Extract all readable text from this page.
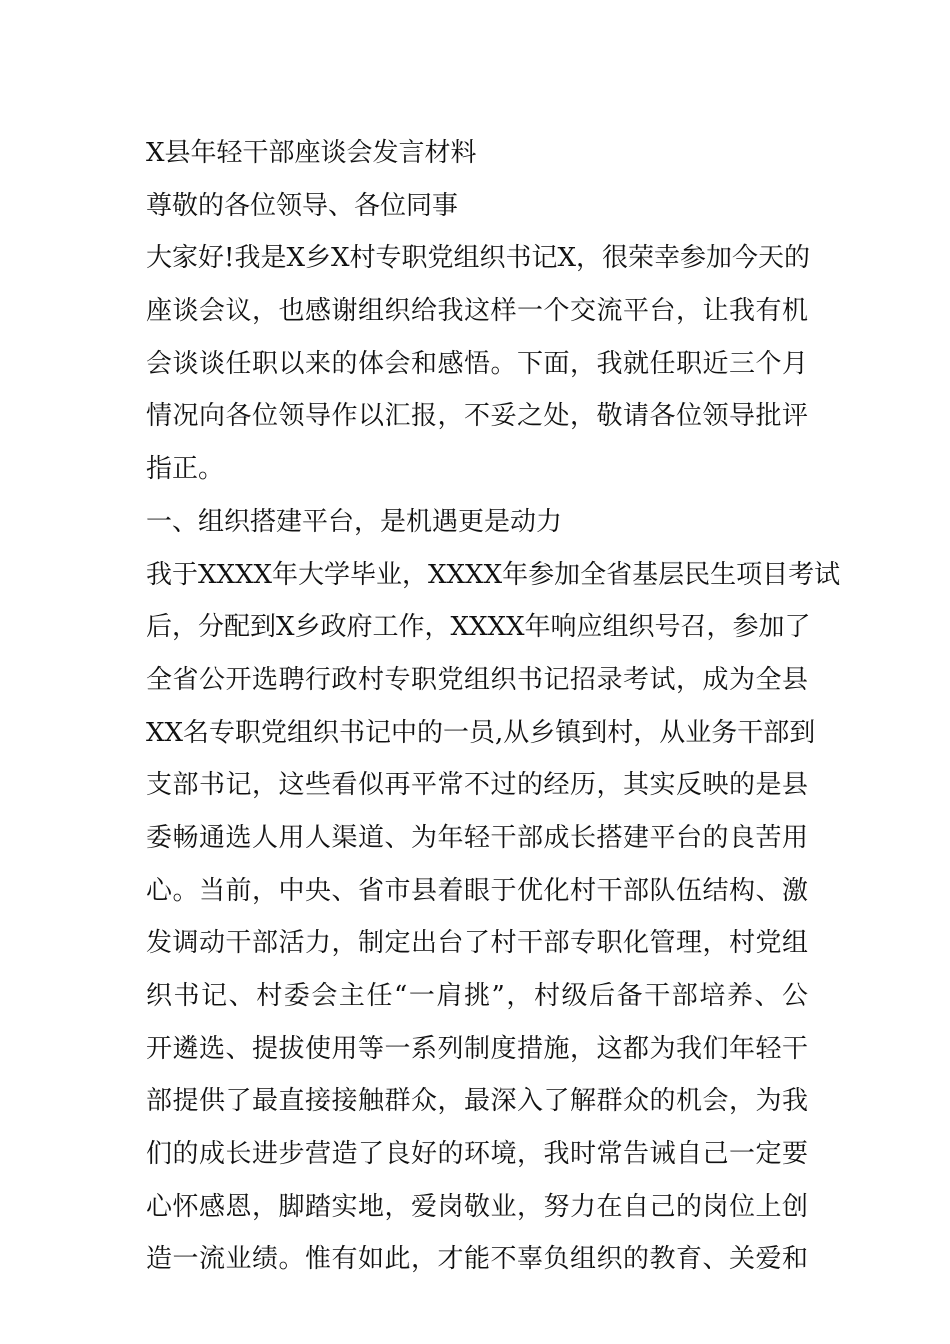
X县年轻干部座谈会发言材料
尊敬的各位领导、各位同事
大家好!我是X乡X村专职党组织书记X，很荣幸参加今天的
座谈会议，也感谢组织给我这样一个交流平台，让我有机
会谈谈任职以来的体会和感悟。下面，我就任职近三个月
情况向各位领导作以汇报，不妥之处，敬请各位领导批评
指正。
一、组织搭建平台，是机遇更是动力
我于XXXX年大学毕业，XXXX年参加全省基层民生项目考试
后，分配到X乡政府工作，XXXX年响应组织号召，参加了
全省公开选聘行政村专职党组织书记招录考试，成为全县
XX名专职党组织书记中的一员,从乡镇到村，从业务干部到
支部书记，这些看似再平常不过的经历，其实反映的是县
委畅通选人用人渠道、为年轻干部成长搭建平台的良苦用
心。当前，中央、省市县着眼于优化村干部队伍结构、激
发调动干部活力，制定出台了村干部专职化管理，村党组
织书记、村委会主任“一肩挑”，村级后备干部培养、公
开遴选、提拔使用等一系列制度措施，这都为我们年轻干
部提供了最直接接触群众，最深入了解群众的机会，为我
们的成长进步营造了良好的环境，我时常告诫自己一定要
心怀感恩，脚踏实地，爱岗敬业，努力在自己的岗位上创
造一流业绩。惟有如此，才能不辜负组织的教育、关爱和
